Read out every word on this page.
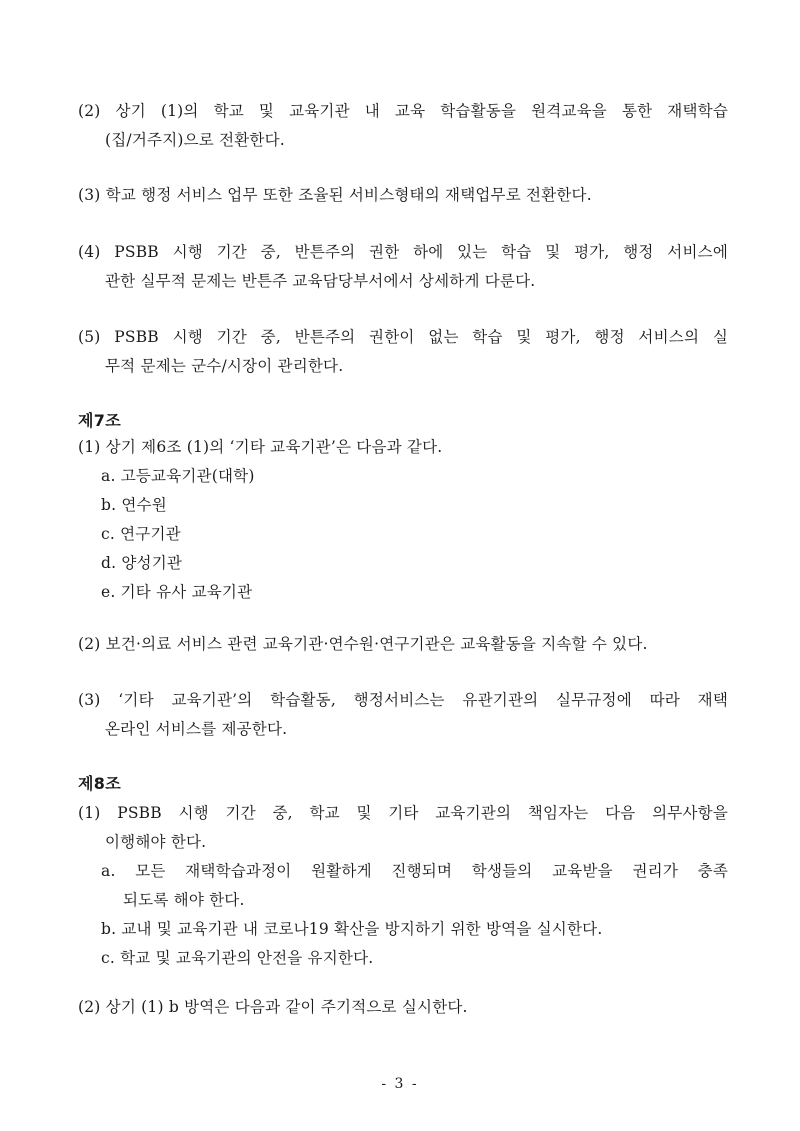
(2) 상기 (1)의 학교 및 교육기관 내 교육 학습활동을 원격교육을 통한 재택학습
(집/거주지)으로 전환한다.
(3) 학교 행정 서비스 업무 또한 조율된 서비스형태의 재택업무로 전환한다.
(4) PSBB 시행 기간 중, 반튼주의 권한 하에 있는 학습 및 평가, 행정 서비스에
관한 실무적 문제는 반튼주 교육담당부서에서 상세하게 다룬다.
(5) PSBB 시행 기간 중, 반튼주의 권한이 없는 학습 및 평가, 행정 서비스의 실
무적 문제는 군수/시장이 관리한다.
제7조
(1) 상기 제6조 (1)의 ‘기타 교육기관’은 다음과 같다.
a. 고등교육기관(대학)
b. 연수원
c. 연구기관
d. 양성기관
e. 기타 유사 교육기관
(2) 보건·의료 서비스 관련 교육기관·연수원·연구기관은 교육활동을 지속할 수 있다.
(3) ‘기타 교육기관’의 학습활동, 행정서비스는 유관기관의 실무규정에 따라 재택
온라인 서비스를 제공한다.
제8조
(1) PSBB 시행 기간 중, 학교 및 기타 교육기관의 책임자는 다음 의무사항을
이행해야 한다.
a. 모든 재택학습과정이 원활하게 진행되며 학생들의 교육받을 권리가 충족
되도록 해야 한다.
b. 교내 및 교육기관 내 코로나19 확산을 방지하기 위한 방역을 실시한다.
c. 학교 및 교육기관의 안전을 유지한다.
(2) 상기 (1) b 방역은 다음과 같이 주기적으로 실시한다.
- 3 -
